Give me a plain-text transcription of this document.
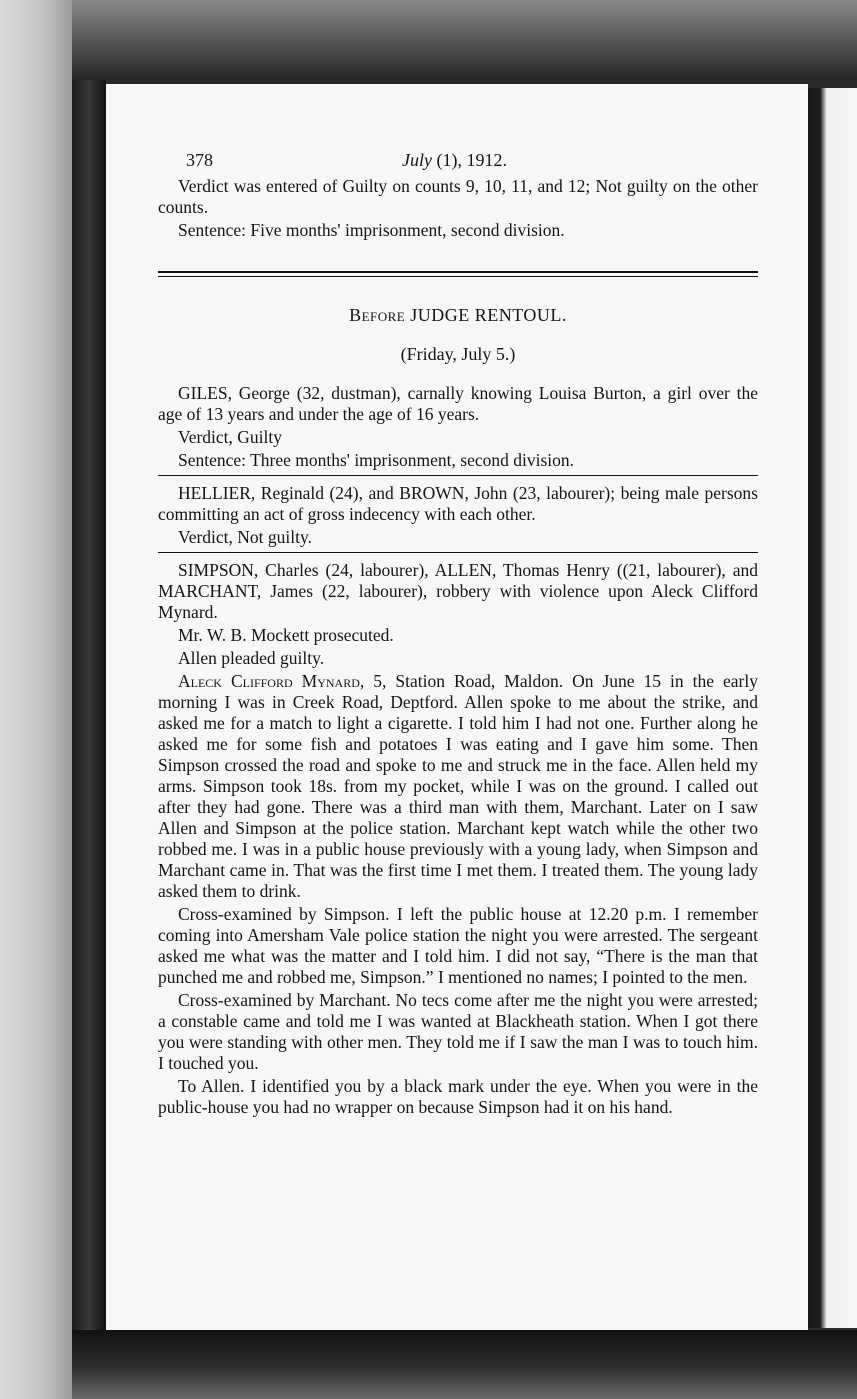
378	July (1), 1912.

Verdict was entered of Guilty on counts 9, 10, 11, and 12; Not guilty on the other counts.

Sentence: Five months' imprisonment, second division.

Before JUDGE RENTOUL.
(Friday, July 5.)

GILES, George (32, dustman), carnally knowing Louisa Burton, a girl over the age of 13 years and under the age of 16 years.

Verdict, Guilty

Sentence: Three months' imprisonment, second division.

HELLIER, Reginald (24), and BROWN, John (23, labourer); being male persons committing an act of gross indecency with each other.

Verdict, Not guilty.

SIMPSON, Charles (24, labourer), ALLEN, Thomas Henry ((21, labourer), and MARCHANT, James (22, labourer), robbery with violence upon Aleck Clifford Mynard.

Mr. W. B. Mockett prosecuted.

Allen pleaded guilty.

Aleck Clifford Mynard, 5, Station Road, Maldon. On June 15 in the early morning I was in Creek Road, Deptford. Allen spoke to me about the strike, and asked me for a match to light a cigarette. I told him I had not one. Further along he asked me for some fish and potatoes I was eating and I gave him some. Then Simpson crossed the road and spoke to me and struck me in the face. Allen held my arms. Simpson took 18s. from my pocket, while I was on the ground. I called out after they had gone. There was a third man with them, Marchant. Later on I saw Allen and Simpson at the police station. Marchant kept watch while the other two robbed me. I was in a public house previously with a young lady, when Simpson and Marchant came in. That was the first time I met them. I treated them. The young lady asked them to drink.

Cross-examined by Simpson. I left the public house at 12.20 p.m. I remember coming into Amersham Vale police station the night you were arrested. The sergeant asked me what was the matter and I told him. I did not say, “There is the man that punched me and robbed me, Simpson.” I mentioned no names; I pointed to the men.

Cross-examined by Marchant. No tecs come after me the night you were arrested; a constable came and told me I was wanted at Blackheath station. When I got there you were standing with other men. They told me if I saw the man I was to touch him. I touched you.

To Allen. I identified you by a black mark under the eye. When you were in the public-house you had no wrapper on because Simpson had it on his hand.
